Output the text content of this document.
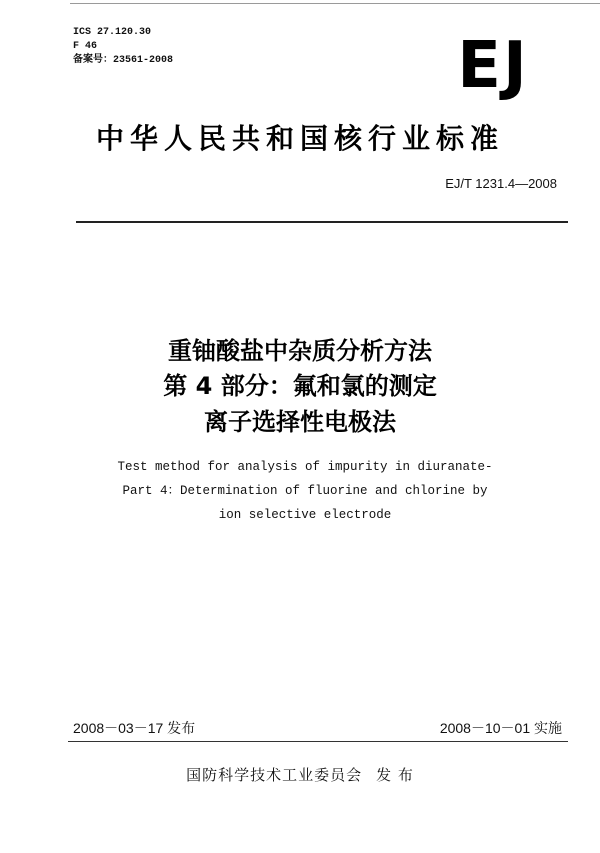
ICS 27.120.30
F 46
备案号：23561-2008	EJ
中华人民共和国核行业标准
EJ/T 1231.4—2008
重铀酸盐中杂质分析方法
第 4 部分：氟和氯的测定
离子选择性电极法
Test method for analysis of impurity in diuranate-
Part 4：Determination of fluorine and chlorine by
ion selective electrode
2008－03－17 发布	2008－10－01 实施
国防科学技术工业委员会 发 布
